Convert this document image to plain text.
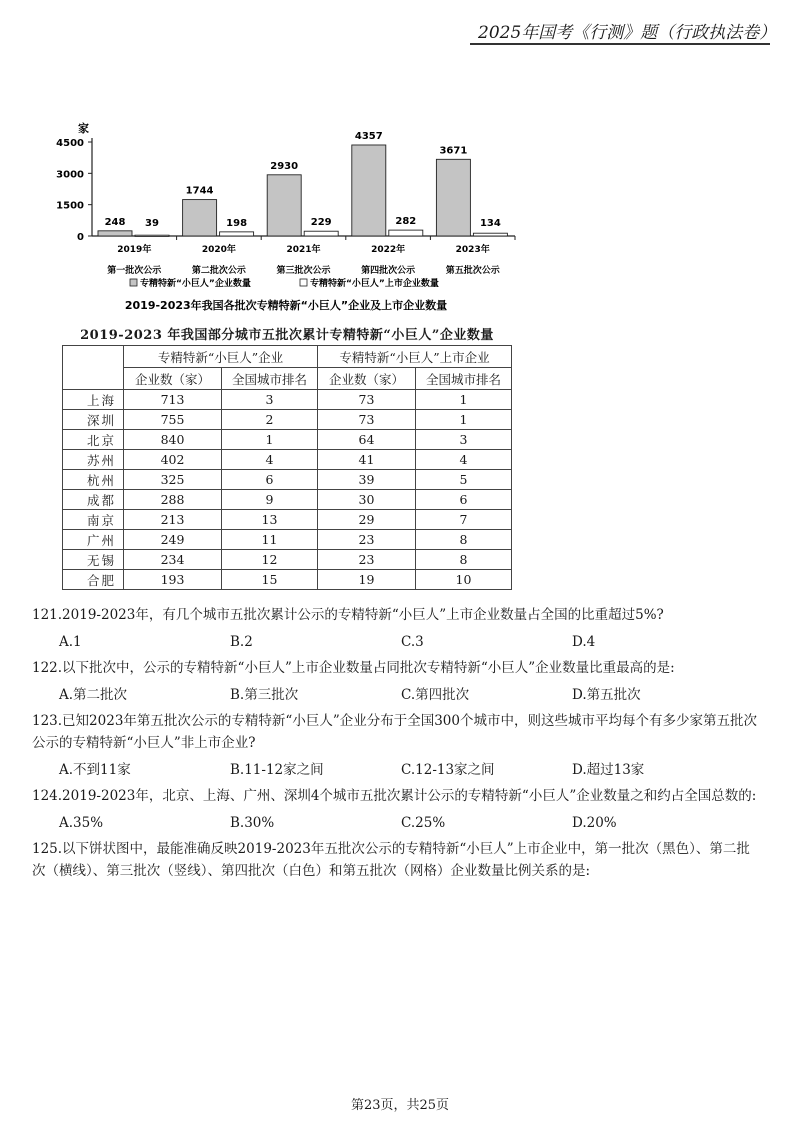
2025年国考《行测》题（行政执法卷）
家
0
1500
3000
4500
248 39
2019年
第一批次公示
1744
198
2020年
第二批次公示
2930
229
2021年
第三批次公示
4357
282
2022年
第四批次公示
3671
134
2023年
第五批次公示
专精特新“小巨人”企业数量	专精特新“小巨人”上市企业数量
2019-2023年我国各批次专精特新“小巨人”企业及上市企业数量
2019-2023 年我国部分城市五批次累计专精特新“小巨人”企业数量
	专精特新“小巨人”企业		专精特新“小巨人”上市企业	
	企业数（家）	全国城市排名	企业数（家）	全国城市排名
上海	713	3	73	1
深圳	755	2	73	1
北京	840	1	64	3
苏州	402	4	41	4
杭州	325	6	39	5
成都	288	9	30	6
南京	213	13	29	7
广州	249	11	23	8
无锡	234	12	23	8
合肥	193	15	19	10
121.2019-2023年，有几个城市五批次累计公示的专精特新“小巨人”上市企业数量占全国的比重超过5%?
A.1	B.2	C.3	D.4
122.以下批次中，公示的专精特新“小巨人”上市企业数量占同批次专精特新“小巨人”企业数量比重最高的是:
A.第二批次	B.第三批次	C.第四批次	D.第五批次
123.已知2023年第五批次公示的专精特新“小巨人”企业分布于全国300个城市中，则这些城市平均每个有多少家第五批次公示的专精特新“小巨人”非上市企业?
A.不到11家	B.11-12家之间	C.12-13家之间	D.超过13家
124.2019-2023年，北京、上海、广州、深圳4个城市五批次累计公示的专精特新“小巨人”企业数量之和约占全国总数的:
A.35%	B.30%	C.25%	D.20%
125.以下饼状图中，最能准确反映2019-2023年五批次公示的专精特新“小巨人”上市企业中，第一批次（黑色）、第二批次（横线）、第三批次（竖线）、第四批次（白色）和第五批次（网格）企业数量比例关系的是:
第23页，共25页
